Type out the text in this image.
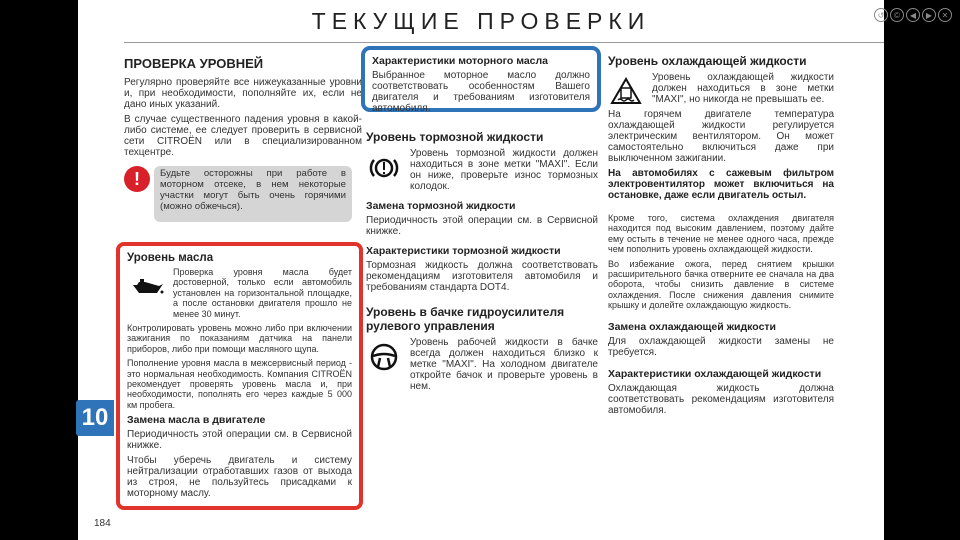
ТЕКУЩИЕ ПРОВЕРКИ
ПРОВЕРКА УРОВНЕЙ

Регулярно проверяйте все нижеуказанные уровни и, при необходимости, пополняйте их, если не дано иных указаний.

В случае существенного падения уровня в какой-либо системе, ее следует проверить в сервисной сети CITROËN или в специализированном техцентре.

!	Будьте осторожны при работе в моторном отсеке, в нем некоторые участки могут быть очень горячими (можно обжечься).

Уровень масла

Проверка уровня масла будет достоверной, только если автомобиль установлен на горизонтальной площадке, а после остановки двигателя прошло не менее 30 минут.

Контролировать уровень можно либо при включении зажигания по показаниям датчика на панели приборов, либо при помощи масляного щупа.

Пополнение уровня масла в межсервисный период - это нормальная необходимость. Компания CITROËN рекомендует проверять уровень масла и, при необходимости, пополнять его через каждые 5 000 км пробега.

Замена масла в двигателе

Периодичность этой операции см. в Сервисной книжке.

Чтобы уберечь двигатель и систему нейтрализации отработавших газов от выхода из строя, не пользуйтесь присадками к моторному маслу.

Характеристики моторного масла

Выбранное моторное масло должно соответствовать особенностям Вашего двигателя и требованиям изготовителя автомобиля.

Уровень тормозной жидкости

Уровень тормозной жидкости должен находиться в зоне метки "MAXI". Если он ниже, проверьте износ тормозных колодок.

Замена тормозной жидкости

Периодичность этой операции см. в Сервисной книжке.

Характеристики тормозной жидкости

Тормозная жидкость должна соответствовать рекомендациям изготовителя автомобиля и требованиям стандарта DOT4.

Уровень в бачке гидроусилителя рулевого управления

Уровень рабочей жидкости в бачке всегда должен находиться близко к метке "MAXI". На холодном двигателе откройте бачок и проверьте уровень в нем.

Уровень охлаждающей жидкости

Уровень охлаждающей жидкости должен находиться в зоне метки "MAXI", но никогда не превышать ее.

На горячем двигателе температура охлаждающей жидкости регулируется электрическим вентилятором. Он может самостоятельно включиться даже при выключенном зажигании.

На автомобилях с сажевым фильтром электровентилятор может включиться на остановке, даже если двигатель остыл.

Кроме того, система охлаждения двигателя находится под высоким давлением, поэтому дайте ему остыть в течение не менее одного часа, прежде чем пополнить уровень охлаждающей жидкости.

Во избежание ожога, перед снятием крышки расширительного бачка отверните ее сначала на два оборота, чтобы снизить давление в системе охлаждения. После снижения давления снимите крышку и долейте охлаждающую жидкость.

Замена охлаждающей жидкости

Для охлаждающей жидкости замены не требуется.

Характеристики охлаждающей жидкости

Охлаждающая жидкость должна соответствовать рекомендациям изготовителя автомобиля.

184
10
↺	©	◀	▶	✕
